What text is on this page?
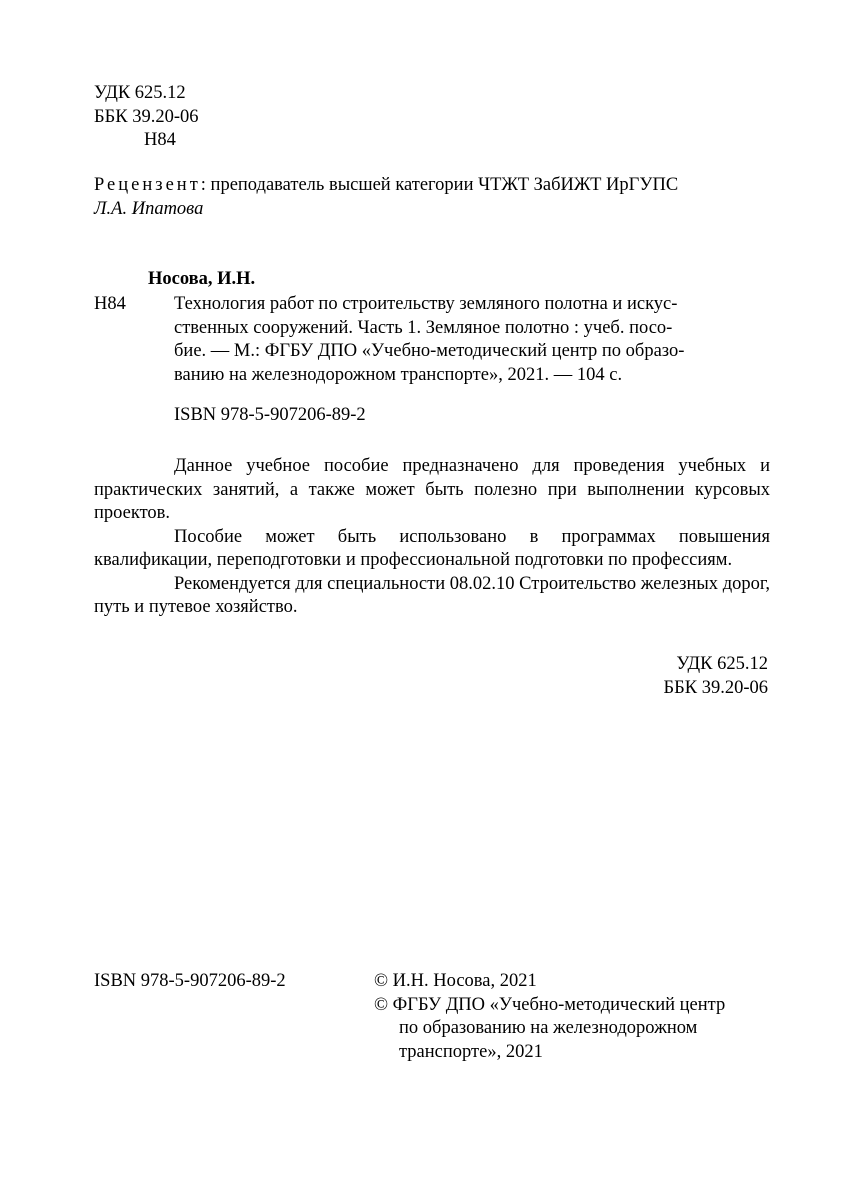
УДК 625.12
ББК 39.20-06
Н84
Рецензент: преподаватель высшей категории ЧТЖТ ЗабИЖТ ИрГУПС
Л.А. Ипатова
Носова, И.Н.
Н84	Технология работ по строительству земляного полотна и искус-
ственных сооружений. Часть 1. Земляное полотно : учеб. посо-
бие. — М.: ФГБУ ДПО «Учебно-методический центр по образо-
ванию на железнодорожном транспорте», 2021. — 104 с.
ISBN 978-5-907206-89-2

Данное учебное пособие предназначено для проведения учебных и практических занятий, а также может быть полезно при выполнении курсовых проектов.

Пособие может быть использовано в программах повышения квалификации, переподготовки и профессиональной подготовки по профессиям.

Рекомендуется для специальности 08.02.10 Строительство железных дорог, путь и путевое хозяйство.

УДК 625.12
ББК 39.20-06
ISBN 978-5-907206-89-2	© И.Н. Носова, 2021
© ФГБУ ДПО «Учебно-методический центр
по образованию на железнодорожном
транспорте», 2021
